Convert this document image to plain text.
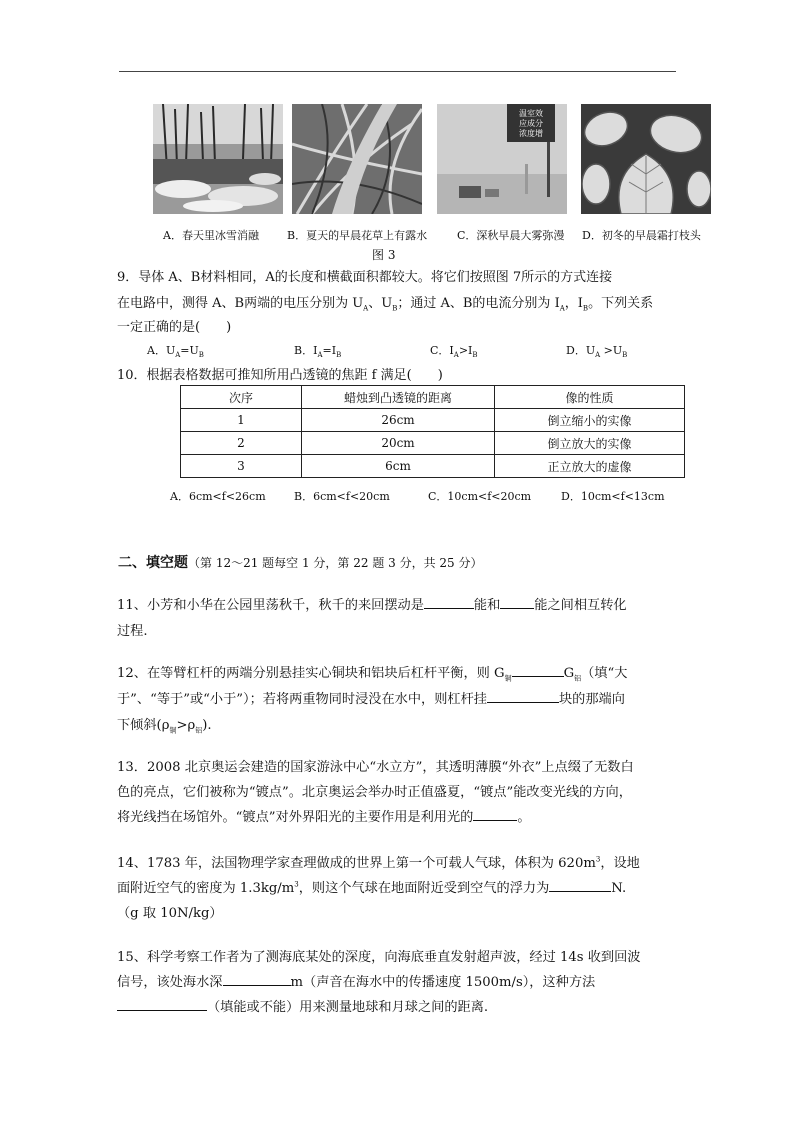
温室效
应成分
浓度增
A．春天里冰雪消融	B．夏天的早晨花草上有露水	C．深秋早晨大雾弥漫 D．初冬的早晨霜打枝头
图 3
9．导体 A、B材料相同，A的长度和横截面积都较大。将它们按照图 7所示的方式连接
在电路中，测得 A、B两端的电压分别为 $U_A$、$U_B$；通过 A、B的电流分别为 $I_A$，$I_B$。下列关系
一定正确的是(　　)
A．$U_A=U_B$	B．$I_A=I_B$	C．$I_A>I_B$	D．$U_A >U_B$
10．根据表格数据可推知所用凸透镜的焦距 f 满足(　　)
次序	蜡烛到凸透镜的距离	像的性质
1	26cm	倒立缩小的实像
2	20cm	倒立放大的实像
3	6cm	正立放大的虚像
A．6cm<f<26cm	B．6cm<f<20cm	C．10cm<f<20cm	D．10cm<f<13cm
二、填空题（第 12～21 题每空 1 分，第 22 题 3 分，共 25 分）
11、小芳和小华在公园里荡秋千，秋千的来回摆动是	能和	能之间相互转化
过程.
12、在等臂杠杆的两端分别悬挂实心铜块和铝块后杠杆平衡，则 $G_铜$	$G_铝$（填“大
于”、“等于”或“小于”）；若将两重物同时浸没在水中，则杠杆挂	块的那端向
下倾斜$(\rho_铜>\rho_铝)$.
13．2008 北京奥运会建造的国家游泳中心“水立方”，其透明薄膜“外衣”上点缀了无数白
色的亮点，它们被称为“镀点”。北京奥运会举办时正值盛夏，“镀点”能改变光线的方向，
将光线挡在场馆外。“镀点”对外界阳光的主要作用是利用光的	。
14、1783 年，法国物理学家查理做成的世界上第一个可载人气球，体积为 $620m^3$，设地
面附近空气的密度为 $1.3kg/m^3$，则这个气球在地面附近受到空气的浮力为	N.
（g 取 10N/kg）
15、科学考察工作者为了测海底某处的深度，向海底垂直发射超声波，经过 14s 收到回波
信号，该处海水深	m（声音在海水中的传播速度 1500m/s），这种方法
（填能或不能）用来测量地球和月球之间的距离.
